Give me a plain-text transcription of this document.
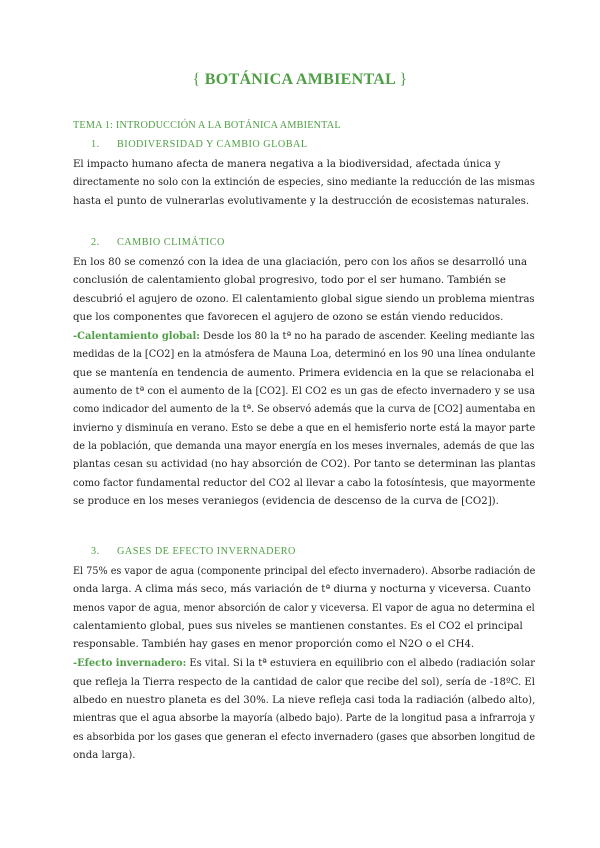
{ BOTÁNICA AMBIENTAL }
TEMA 1: INTRODUCCIÓN A LA BOTÁNICA AMBIENTAL
1. BIODIVERSIDAD Y CAMBIO GLOBAL
El impacto humano afecta de manera negativa a la biodiversidad, afectada única y
directamente no solo con la extinción de especies, sino mediante la reducción de las mismas
hasta el punto de vulnerarlas evolutivamente y la destrucción de ecosistemas naturales.
2. CAMBIO CLIMÁTICO
En los 80 se comenzó con la idea de una glaciación, pero con los años se desarrolló una
conclusión de calentamiento global progresivo, todo por el ser humano. También se
descubrió el agujero de ozono. El calentamiento global sigue siendo un problema mientras
que los componentes que favorecen el agujero de ozono se están viendo reducidos.
-Calentamiento global: Desde los 80 la tª no ha parado de ascender. Keeling mediante las
medidas de la [CO2] en la atmósfera de Mauna Loa, determinó en los 90 una línea ondulante
que se mantenía en tendencia de aumento. Primera evidencia en la que se relacionaba el
aumento de tª con el aumento de la [CO2]. El CO2 es un gas de efecto invernadero y se usa
como indicador del aumento de la tª. Se observó además que la curva de [CO2] aumentaba en
invierno y disminuía en verano. Esto se debe a que en el hemisferio norte está la mayor parte
de la población, que demanda una mayor energía en los meses invernales, además de que las
plantas cesan su actividad (no hay absorción de CO2). Por tanto se determinan las plantas
como factor fundamental reductor del CO2 al llevar a cabo la fotosíntesis, que mayormente
se produce en los meses veraniegos (evidencia de descenso de la curva de [CO2]).
3. GASES DE EFECTO INVERNADERO
El 75% es vapor de agua (componente principal del efecto invernadero). Absorbe radiación de
onda larga. A clima más seco, más variación de tª diurna y nocturna y viceversa. Cuanto
menos vapor de agua, menor absorción de calor y viceversa. El vapor de agua no determina el
calentamiento global, pues sus niveles se mantienen constantes. Es el CO2 el principal
responsable. También hay gases en menor proporción como el N2O o el CH4.
-Efecto invernadero: Es vital. Si la tª estuviera en equilibrio con el albedo (radiación solar
que refleja la Tierra respecto de la cantidad de calor que recibe del sol), sería de -18ºC. El
albedo en nuestro planeta es del 30%. La nieve refleja casi toda la radiación (albedo alto),
mientras que el agua absorbe la mayoría (albedo bajo). Parte de la longitud pasa a infrarroja y
es absorbida por los gases que generan el efecto invernadero (gases que absorben longitud de
onda larga).
